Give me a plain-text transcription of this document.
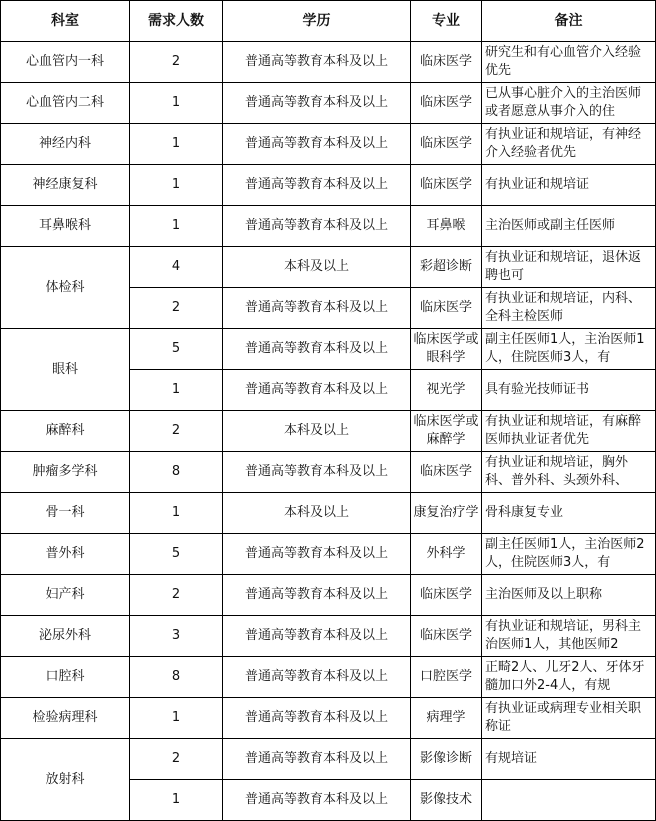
科室	需求人数	学历	专业	备注
心血管内一科	2	普通高等教育本科及以上	临床医学	研究生和有心血管介入经验优先

心血管内二科	1	普通高等教育本科及以上	临床医学	已从事心脏介入的主治医师或者愿意从事介入的住

神经内科	1	普通高等教育本科及以上	临床医学	有执业证和规培证，有神经介入经验者优先

神经康复科	1	普通高等教育本科及以上	临床医学	有执业证和规培证

耳鼻喉科	1	普通高等教育本科及以上	耳鼻喉	主治医师或副主任医师

体检科	4	本科及以上	彩超诊断	有执业证和规培证，退休返聘也可

	2	普通高等教育本科及以上	临床医学	有执业证和规培证，内科、全科主检医师

眼科	5	普通高等教育本科及以上	临床医学或眼科学	副主任医师1人，主治医师1人，住院医师3人，有

	1	普通高等教育本科及以上	视光学	具有验光技师证书

麻醉科	2	本科及以上	临床医学或麻醉学	有执业证和规培证，有麻醉医师执业证者优先

肿瘤多学科	8	普通高等教育本科及以上	临床医学	有执业证和规培证，胸外科、普外科、头颈外科、

骨一科	1	本科及以上	康复治疗学	骨科康复专业

普外科	5	普通高等教育本科及以上	外科学	副主任医师1人，主治医师2人，住院医师3人，有

妇产科	2	普通高等教育本科及以上	临床医学	主治医师及以上职称

泌尿外科	3	普通高等教育本科及以上	临床医学	有执业证和规培证，男科主治医师1人，其他医师2

口腔科	8	普通高等教育本科及以上	口腔医学	正畸2人、儿牙2人、牙体牙髓加口外2-4人，有规

检验病理科	1	普通高等教育本科及以上	病理学	有执业证或病理专业相关职称证

放射科	2	普通高等教育本科及以上	影像诊断	有规培证

	1	普通高等教育本科及以上	影像技术	
